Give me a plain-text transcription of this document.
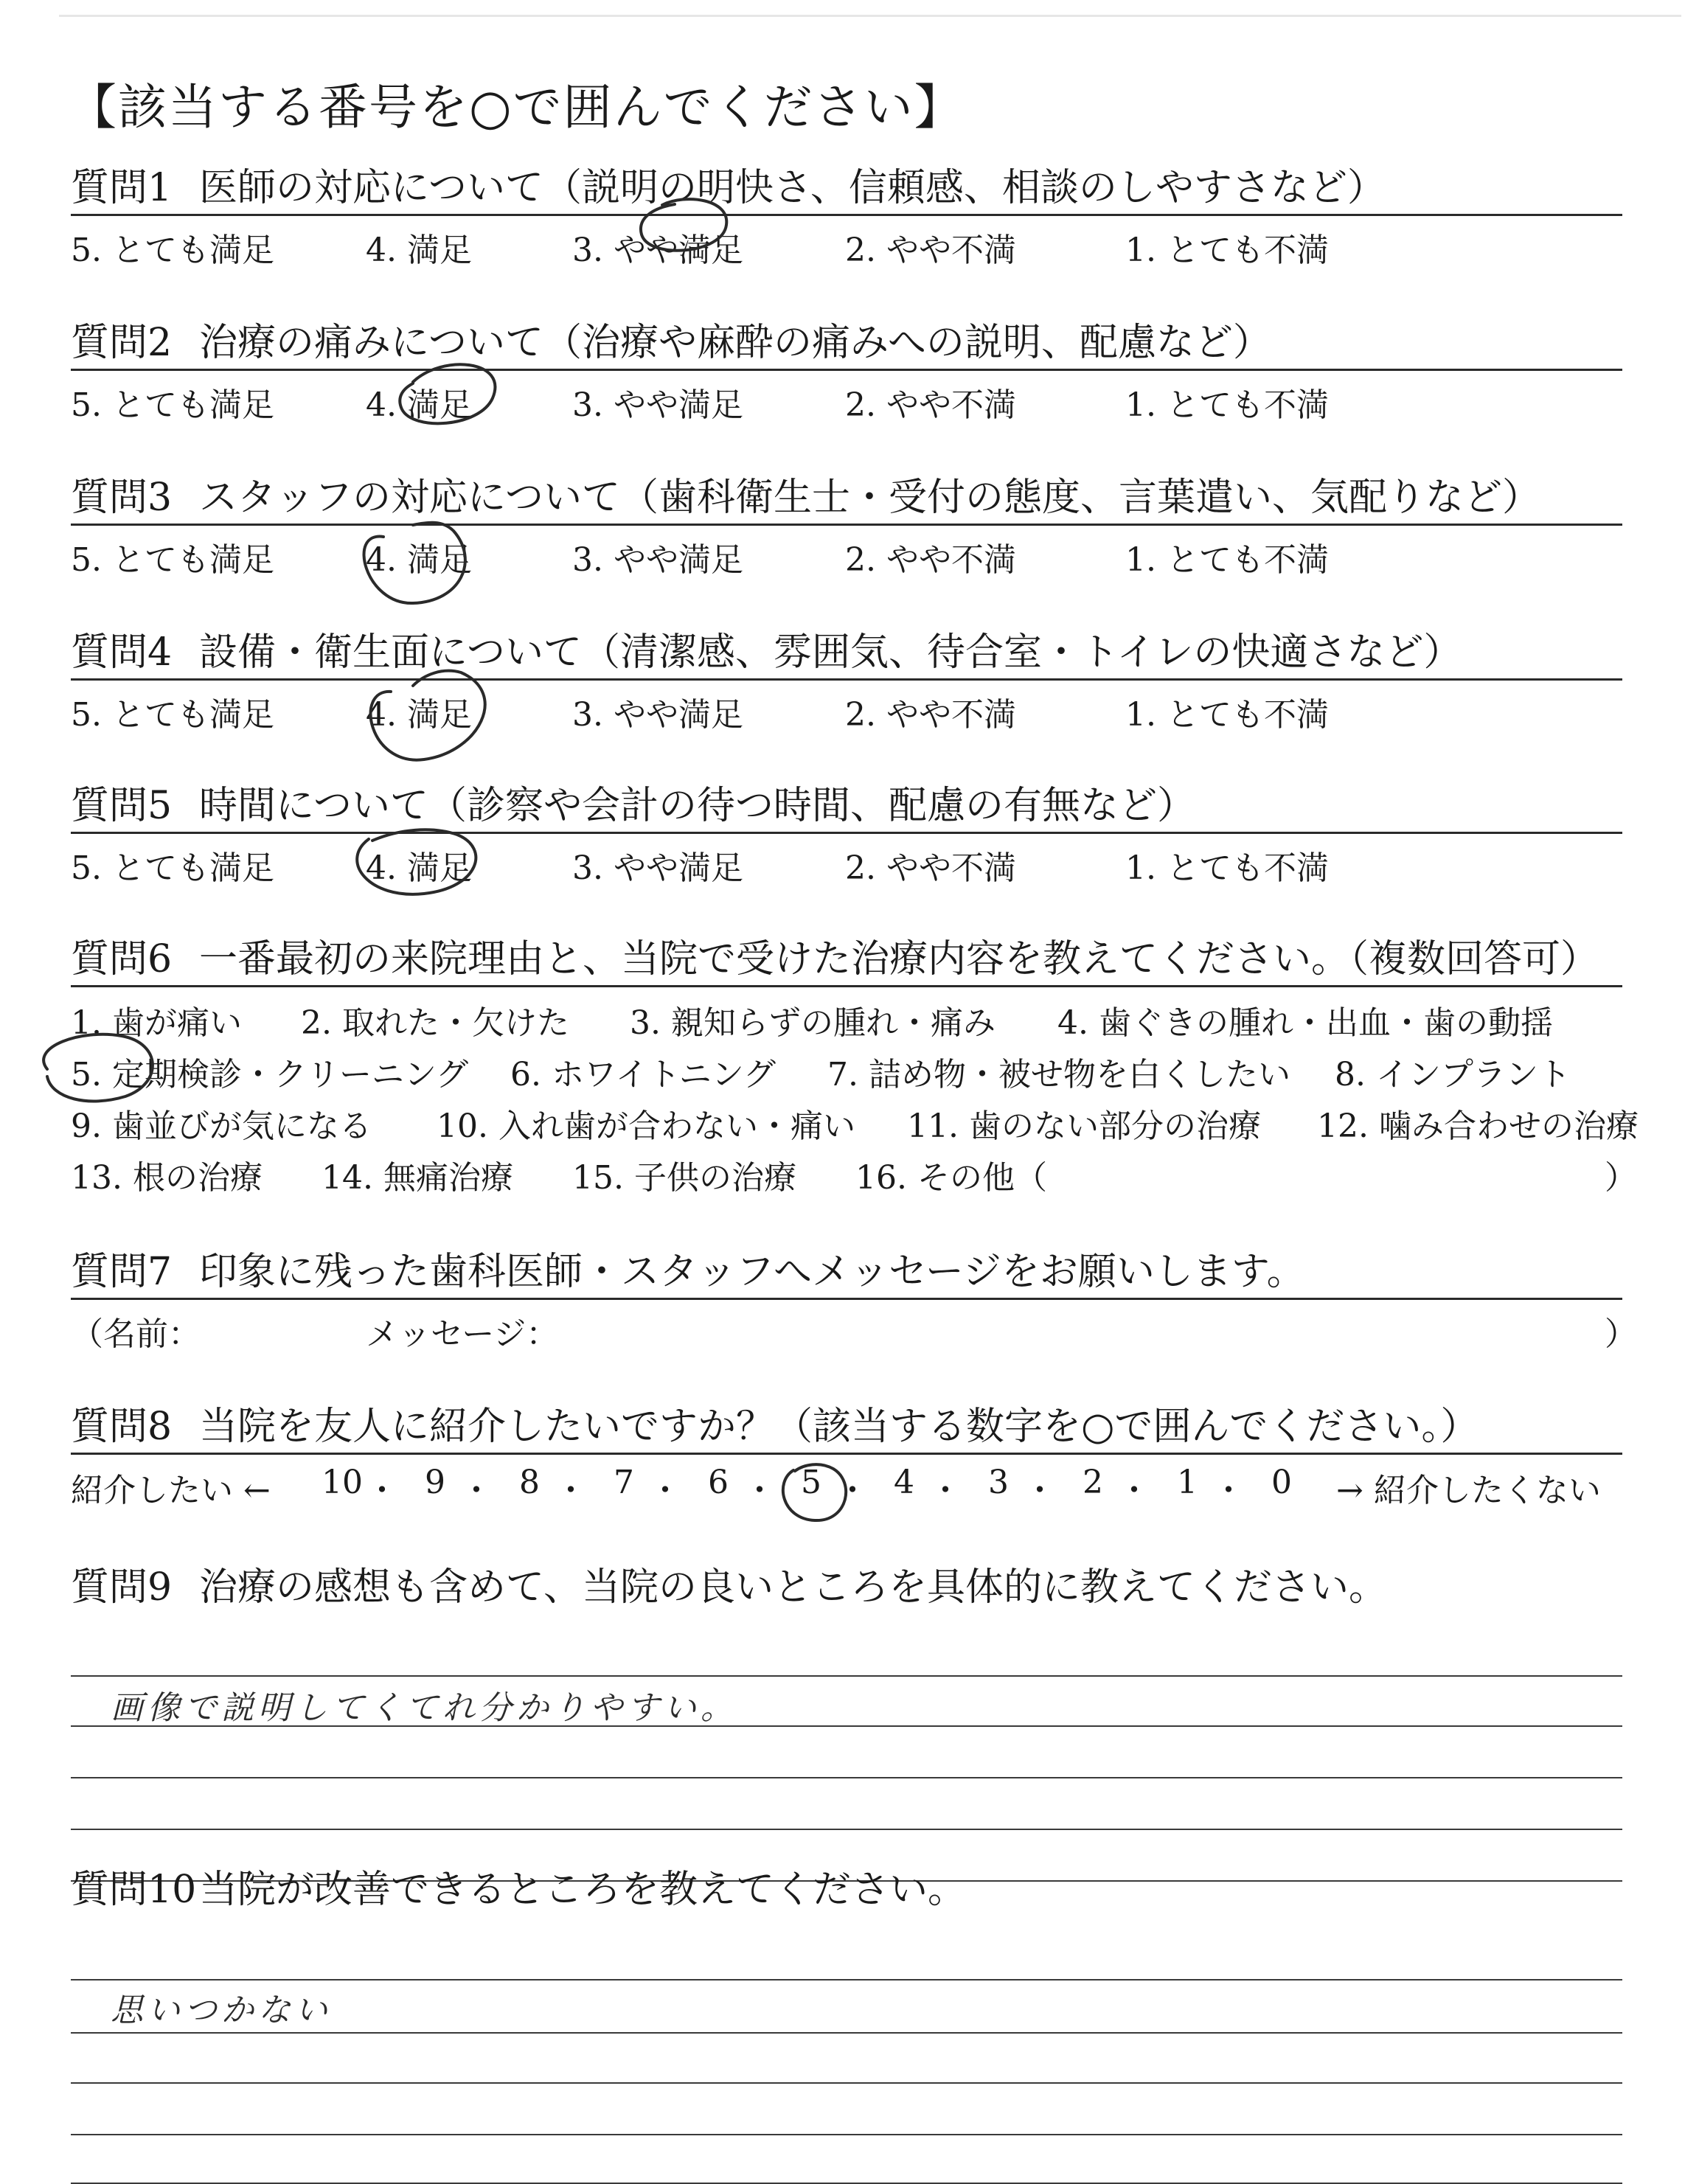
【該当する番号を○で囲んでください】
質問1 医師の対応について（説明の明快さ、信頼感、相談のしやすさなど）
5. とても満足	4. 満足	3. やや満足	2. やや不満	1. とても不満
質問2 治療の痛みについて（治療や麻酔の痛みへの説明、配慮など）
5. とても満足	4. 満足	3. やや満足	2. やや不満	1. とても不満
質問3 スタッフの対応について（歯科衛生士・受付の態度、言葉遣い、気配りなど）
5. とても満足	4. 満足	3. やや満足	2. やや不満	1. とても不満
質問4 設備・衛生面について（清潔感、雰囲気、待合室・トイレの快適さなど）
5. とても満足	4. 満足	3. やや満足	2. やや不満	1. とても不満
質問5 時間について（診察や会計の待つ時間、配慮の有無など）
5. とても満足	4. 満足	3. やや満足	2. やや不満	1. とても不満
質問6 一番最初の来院理由と、当院で受けた治療内容を教えてください。（複数回答可）
1. 歯が痛い 2. 取れた・欠けた 3. 親知らずの腫れ・痛み 4. 歯ぐきの腫れ・出血・歯の動揺
5. 定期検診・クリーニング 6. ホワイトニング 7. 詰め物・被せ物を白くしたい 8. インプラント
9. 歯並びが気になる 10. 入れ歯が合わない・痛い 11. 歯のない部分の治療 12. 噛み合わせの治療
13. 根の治療 14. 無痛治療 15. 子供の治療 16. その他（	）
質問7 印象に残った歯科医師・スタッフへメッセージをお願いします。
（名前：	メッセージ：	）
質問8 当院を友人に紹介したいですか？（該当する数字を○で囲んでください。）
紹介したい ← 10 ・ 9 ・ 8 ・ 7 ・ 6 ・ 5 ・ 4 ・ 3 ・ 2 ・ 1 ・ 0 → 紹介したくない
質問9 治療の感想も含めて、当院の良いところを具体的に教えてください。
画像で説明してくてれ分かりやすい。
質問10当院が改善できるところを教えてください。
思いつかない
